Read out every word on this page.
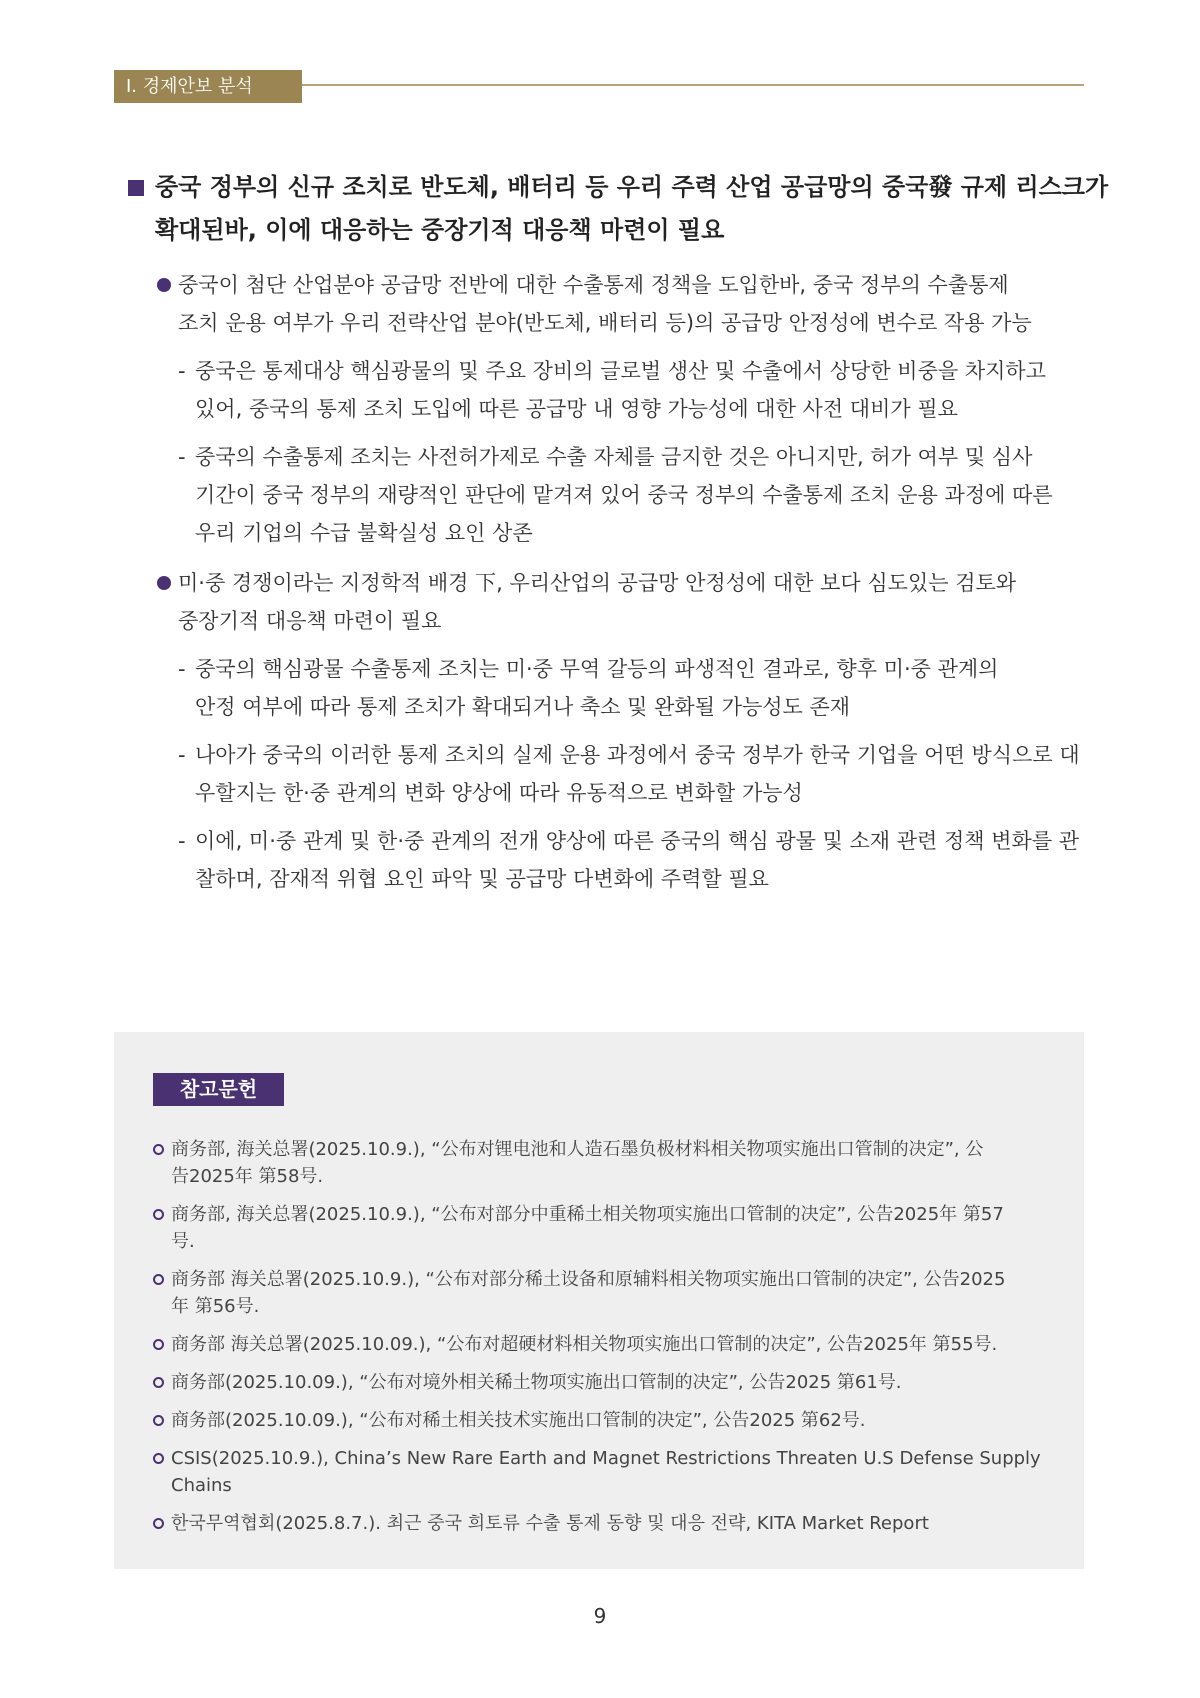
Ⅰ. 경제안보 분석
중국 정부의 신규 조치로 반도체, 배터리 등 우리 주력 산업 공급망의 중국發 규제 리스크가
확대된바, 이에 대응하는 중장기적 대응책 마련이 필요
중국이 첨단 산업분야 공급망 전반에 대한 수출통제 정책을 도입한바, 중국 정부의 수출통제
조치 운용 여부가 우리 전략산업 분야(반도체, 배터리 등)의 공급망 안정성에 변수로 작용 가능
- 중국은 통제대상 핵심광물의 및 주요 장비의 글로벌 생산 및 수출에서 상당한 비중을 차지하고
있어, 중국의 통제 조치 도입에 따른 공급망 내 영향 가능성에 대한 사전 대비가 필요
- 중국의 수출통제 조치는 사전허가제로 수출 자체를 금지한 것은 아니지만, 허가 여부 및 심사
기간이 중국 정부의 재량적인 판단에 맡겨져 있어 중국 정부의 수출통제 조치 운용 과정에 따른
우리 기업의 수급 불확실성 요인 상존
미·중 경쟁이라는 지정학적 배경 下, 우리산업의 공급망 안정성에 대한 보다 심도있는 검토와
중장기적 대응책 마련이 필요
- 중국의 핵심광물 수출통제 조치는 미·중 무역 갈등의 파생적인 결과로, 향후 미·중 관계의
안정 여부에 따라 통제 조치가 확대되거나 축소 및 완화될 가능성도 존재
- 나아가 중국의 이러한 통제 조치의 실제 운용 과정에서 중국 정부가 한국 기업을 어떤 방식으로 대
우할지는 한·중 관계의 변화 양상에 따라 유동적으로 변화할 가능성
- 이에, 미·중 관계 및 한·중 관계의 전개 양상에 따른 중국의 핵심 광물 및 소재 관련 정책 변화를 관
찰하며, 잠재적 위협 요인 파악 및 공급망 다변화에 주력할 필요
참고문헌
商务部, 海关总署(2025.10.9.), “公布对锂电池和人造石墨负极材料相关物项实施出口管制的决定”, 公
告2025年 第58号.
商务部, 海关总署(2025.10.9.), “公布对部分中重稀土相关物项实施出口管制的决定”, 公告2025年 第57
号.
商务部 海关总署(2025.10.9.), “公布对部分稀土设备和原辅料相关物项实施出口管制的决定”, 公告2025
年 第56号.
商务部 海关总署(2025.10.09.), “公布对超硬材料相关物项实施出口管制的决定”, 公告2025年 第55号.
商务部(2025.10.09.), “公布对境外相关稀土物项实施出口管制的决定”, 公告2025 第61号.
商务部(2025.10.09.), “公布对稀土相关技术实施出口管制的决定”, 公告2025 第62号.
CSIS(2025.10.9.), China’s New Rare Earth and Magnet Restrictions Threaten U.S Defense Supply
Chains
한국무역협회(2025.8.7.). 최근 중국 희토류 수출 통제 동향 및 대응 전략, KITA Market Report
9
